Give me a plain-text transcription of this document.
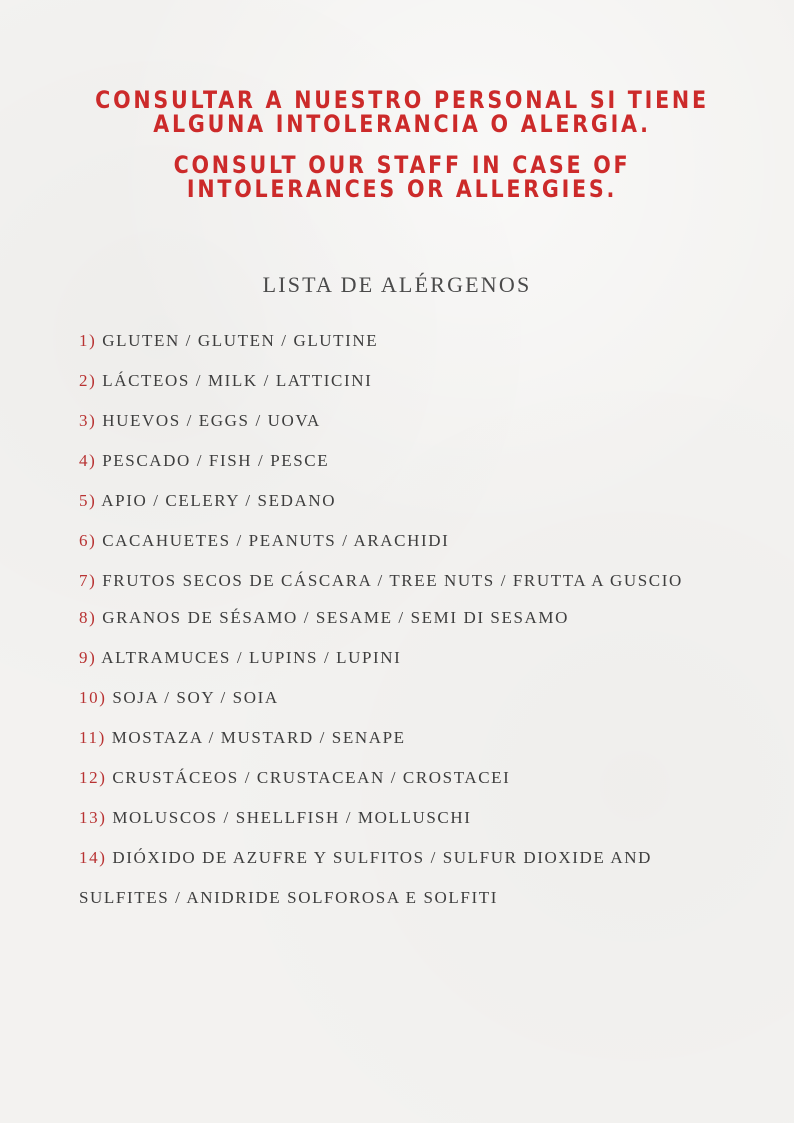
CONSULTAR A NUESTRO PERSONAL SI TIENE ALGUNA INTOLERANCIA O ALERGIA.
CONSULT OUR STAFF IN CASE OF INTOLERANCES OR ALLERGIES.
LISTA DE ALÉRGENOS
1) GLUTEN / GLUTEN / GLUTINE
2) LÁCTEOS / MILK / LATTICINI
3) HUEVOS / EGGS / UOVA
4) PESCADO / FISH / PESCE
5) APIO / CELERY / SEDANO
6) CACAHUETES / PEANUTS / ARACHIDI
7) FRUTOS SECOS DE CÁSCARA / TREE NUTS / FRUTTA A GUSCIO
8) GRANOS DE SÉSAMO / SESAME / SEMI DI SESAMO
9) ALTRAMUCES / LUPINS / LUPINI
10) SOJA / SOY / SOIA
11) MOSTAZA / MUSTARD / SENAPE
12) CRUSTÁCEOS / CRUSTACEAN / CROSTACEI
13) MOLUSCOS / SHELLFISH / MOLLUSCHI
14) DIÓXIDO DE AZUFRE Y SULFITOS / SULFUR DIOXIDE AND SULFITES / ANIDRIDE SOLFOROSA E SOLFITI
